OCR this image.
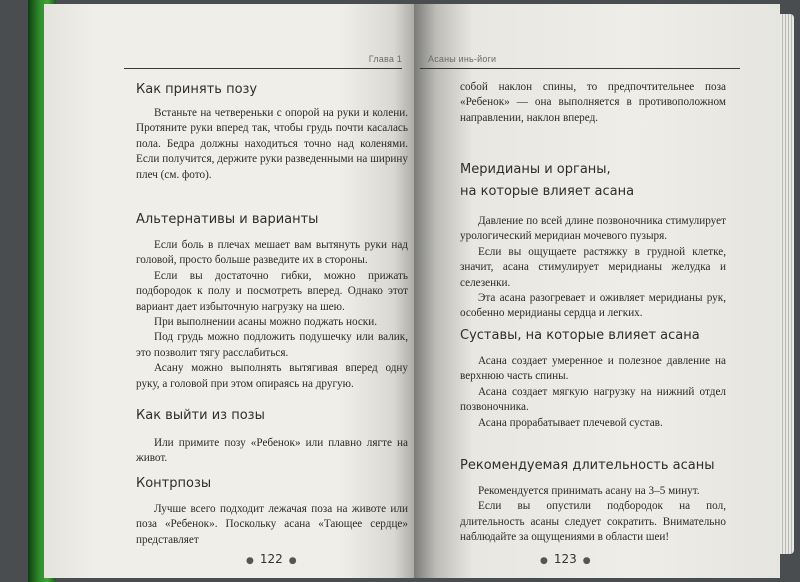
Глава 1
Как принять позу

Встаньте на четвереньки с опорой на руки и колени. Протяните руки вперед так, чтобы грудь почти касалась пола. Бедра должны находиться точно над коленями. Если получится, держите руки разведенными на ширину плеч (см. фото).

Альтернативы и варианты

Если боль в плечах мешает вам вытянуть руки над головой, просто больше разведите их в стороны.

Если вы достаточно гибки, можно прижать подбородок к полу и посмотреть вперед. Однако этот вариант дает избыточную нагрузку на шею.

При выполнении асаны можно поджать носки.

Под грудь можно подложить подушечку или валик, это позволит тягу расслабиться.

Асану можно выполнять вытягивая вперед одну руку, а головой при этом опираясь на другую.

Как выйти из позы

Или примите позу «Ребенок» или плавно лягте на живот.

Контрпозы

Лучше всего подходит лежачая поза на животе или поза «Ребенок». Поскольку асана «Тающее сердце» представляет

● 122 ●
Асаны инь-йоги

собой наклон спины, то предпочтительнее поза «Ребенок» — она выполняется в противоположном направлении, наклон вперед.

Меридианы и органы,
на которые влияет асана

Давление по всей длине позвоночника стимулирует урологический меридиан мочевого пузыря.

Если вы ощущаете растяжку в грудной клетке, значит, асана стимулирует меридианы желудка и селезенки.

Эта асана разогревает и оживляет меридианы рук, особенно меридианы сердца и легких.

Суставы, на которые влияет асана

Асана создает умеренное и полезное давление на верхнюю часть спины.

Асана создает мягкую нагрузку на нижний отдел позвоночника.

Асана прорабатывает плечевой сустав.

Рекомендуемая длительность асаны

Рекомендуется принимать асану на 3–5 минут.

Если вы опустили подбородок на пол, длительность асаны следует сократить. Внимательно наблюдайте за ощущениями в области шеи!

● 123 ●
